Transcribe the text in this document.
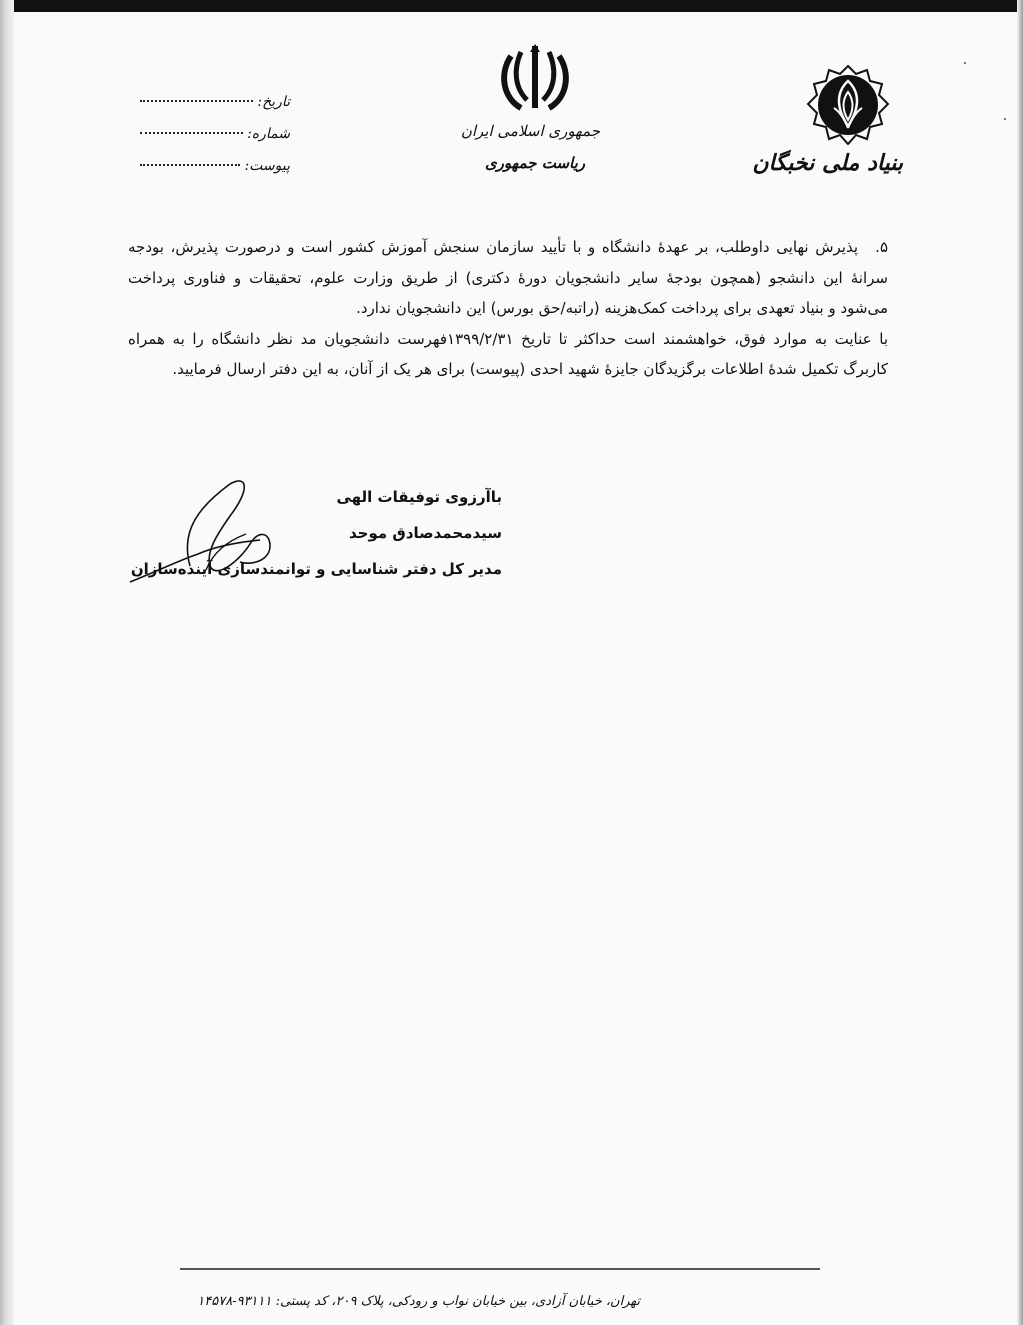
بنیاد ملی نخبگان
جمهوری اسلامی ایران
ریاست جمهوری
تاریخ:
شماره:
پیوست:

۵.پذیرش نهایی داوطلب، بر عهدهٔ دانشگاه و با تأیید سازمان سنجش آموزش کشور است و درصورت پذیرش، بودجه سرانهٔ این دانشجو (همچون بودجهٔ سایر دانشجویان دورهٔ دکتری) از طریق وزارت علوم، تحقیقات و فناوری پرداخت می‌شود و بنیاد تعهدی برای پرداخت کمک‌هزینه (راتبه/حق بورس) این دانشجویان ندارد.

با عنایت به موارد فوق، خواهشمند است حداکثر تا تاریخ ۱۳۹۹/۲/۳۱فهرست دانشجویان مد نظر دانشگاه را به همراه کاربرگ تکمیل شدهٔ اطلاعات برگزیدگان جایزهٔ شهید احدی (پیوست) برای هر یک از آنان، به این دفتر ارسال فرمایید.

باآرزوی توفیقات الهی
سیدمحمدصادق موحد
مدیر کل دفتر شناسایی و توانمندسازی آینده‌سازان
تهران، خیابان آزادی، بین خیابان نواب و رودکی، پلاک ۲۰۹، کد پستی: ۹۳۱۱۱-۱۴۵۷۸
